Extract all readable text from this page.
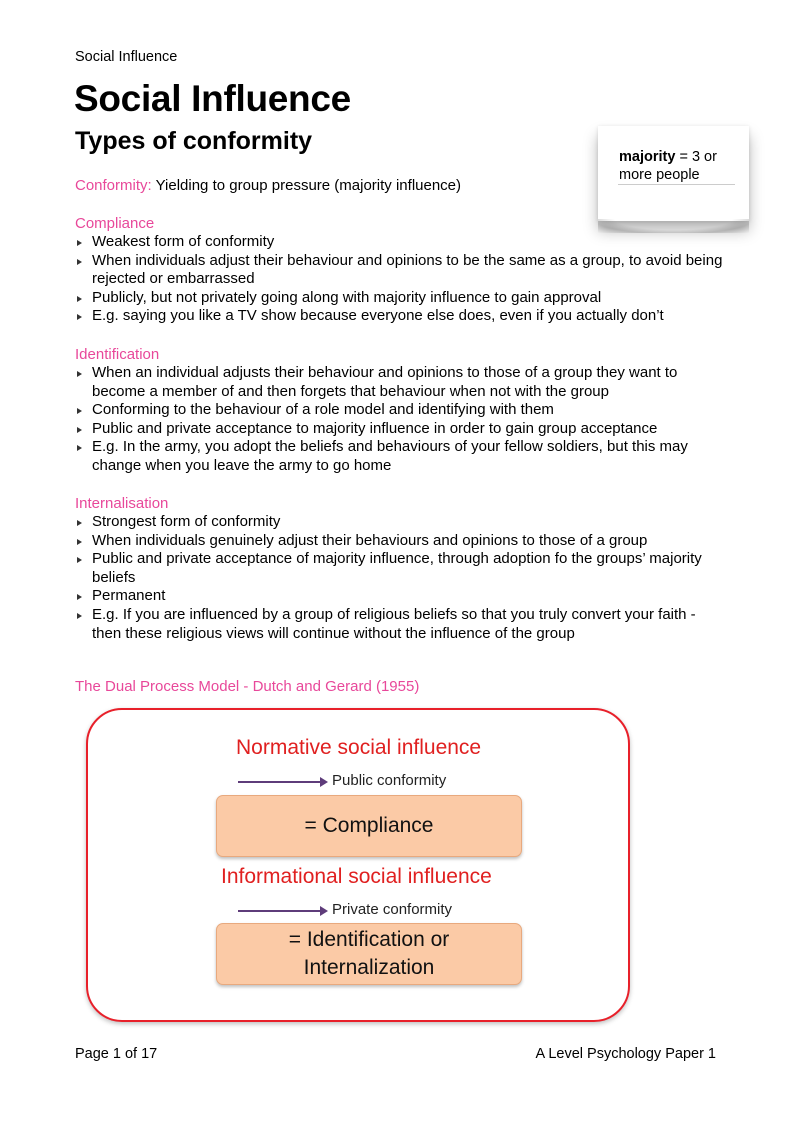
Social Influence
Social Influence
Types of conformity
majority = 3 or more people
Conformity: Yielding to group pressure (majority influence)
Compliance
Weakest form of conformity
When individuals adjust their behaviour and opinions to be the same as a group, to avoid being rejected or embarrassed
Publicly, but not privately going along with majority influence to gain approval
E.g. saying you like a TV show because everyone else does, even if you actually don’t
Identification
When an individual adjusts their behaviour and opinions to those of a group they want to become a member of and then forgets that behaviour when not with the group
Conforming to the behaviour of a role model and identifying with them
Public and private acceptance to majority influence in order to gain group acceptance
E.g. In the army, you adopt the beliefs and behaviours of your fellow soldiers, but this may change when you leave the army to go home
Internalisation
Strongest form of conformity
When individuals genuinely adjust their behaviours and opinions to those of a group
Public and private acceptance of majority influence, through adoption fo the groups’ majority beliefs
Permanent
E.g. If you are influenced by a group of religious beliefs so that you truly convert your faith - then these religious views will continue without the influence of the group
The Dual Process Model - Dutch and Gerard (1955)
Normative social influence
Public conformity
= Compliance
Informational social influence
Private conformity
= Identification or
Internalization
Page 1 of 17	A Level Psychology Paper 1
